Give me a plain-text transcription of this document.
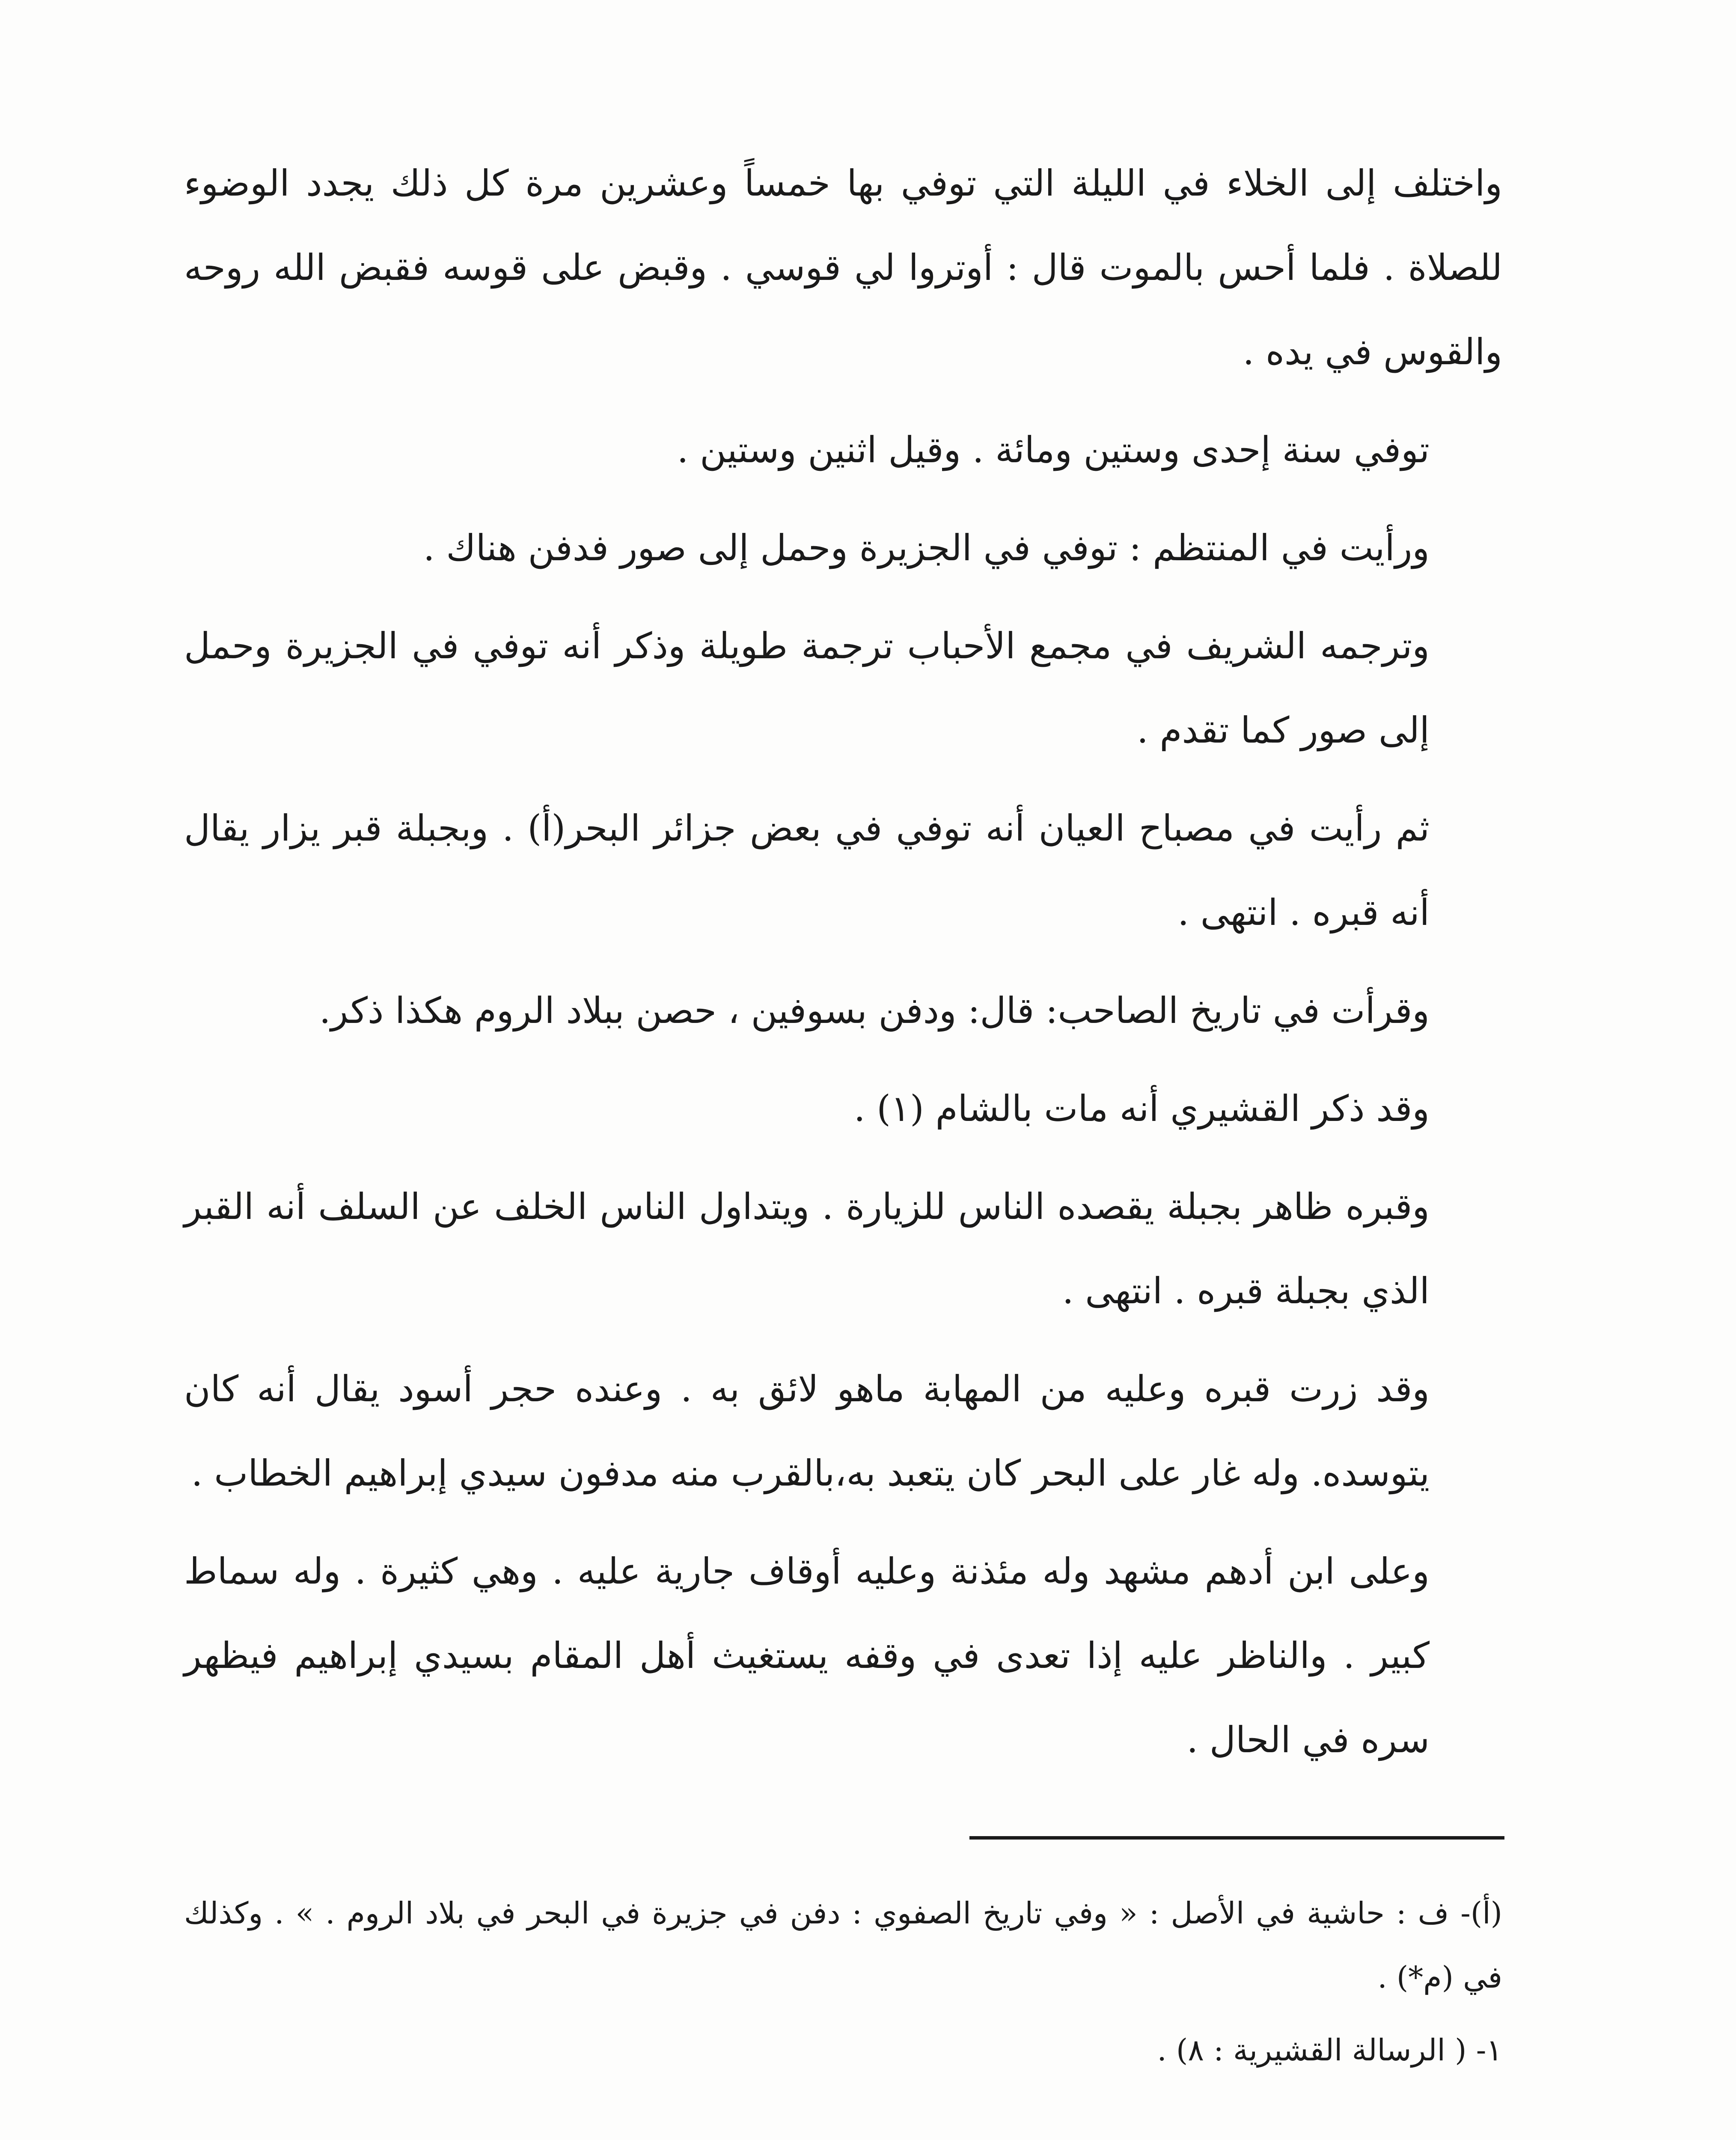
واختلف إلى الخلاء في الليلة التي توفي بها خمساً وعشرين مرة كل ذلك يجدد الوضوء للصلاة . فلما أحس بالموت قال : أوتروا لي قوسي . وقبض على قوسه فقبض الله روحه والقوس في يده .

توفي سنة إحدى وستين ومائة . وقيل اثنين وستين .

ورأيت في المنتظم : توفي في الجزيرة وحمل إلى صور فدفن هناك .

وترجمه الشريف في مجمع الأحباب ترجمة طويلة وذكر أنه توفي في الجزيرة وحمل إلى صور كما تقدم .

ثم رأيت في مصباح العيان أنه توفي في بعض جزائر البحر(أ) . وبجبلة قبر يزار يقال أنه قبره . انتهى .

وقرأت في تاريخ الصاحب: قال: ودفن بسوفين ، حصن ببلاد الروم هكذا ذكر.

وقد ذكر القشيري أنه مات بالشام (١) .

وقبره ظاهر بجبلة يقصده الناس للزيارة . ويتداول الناس الخلف عن السلف أنه القبر الذي بجبلة قبره . انتهى .

وقد زرت قبره وعليه من المهابة ماهو لائق به . وعنده حجر أسود يقال أنه كان يتوسده. وله غار على البحر كان يتعبد به،بالقرب منه مدفون سيدي إبراهيم الخطاب .

وعلى ابن أدهم مشهد وله مئذنة وعليه أوقاف جارية عليه . وهي كثيرة . وله سماط كبير . والناظر عليه إذا تعدى في وقفه يستغيث أهل المقام بسيدي إبراهيم فيظهر سره في الحال .

(أ)- ف : حاشية في الأصل : « وفي تاريخ الصفوي : دفن في جزيرة في البحر في بلاد الروم . » . وكذلك في (م*) .

١- ( الرسالة القشيرية : ٨) .
